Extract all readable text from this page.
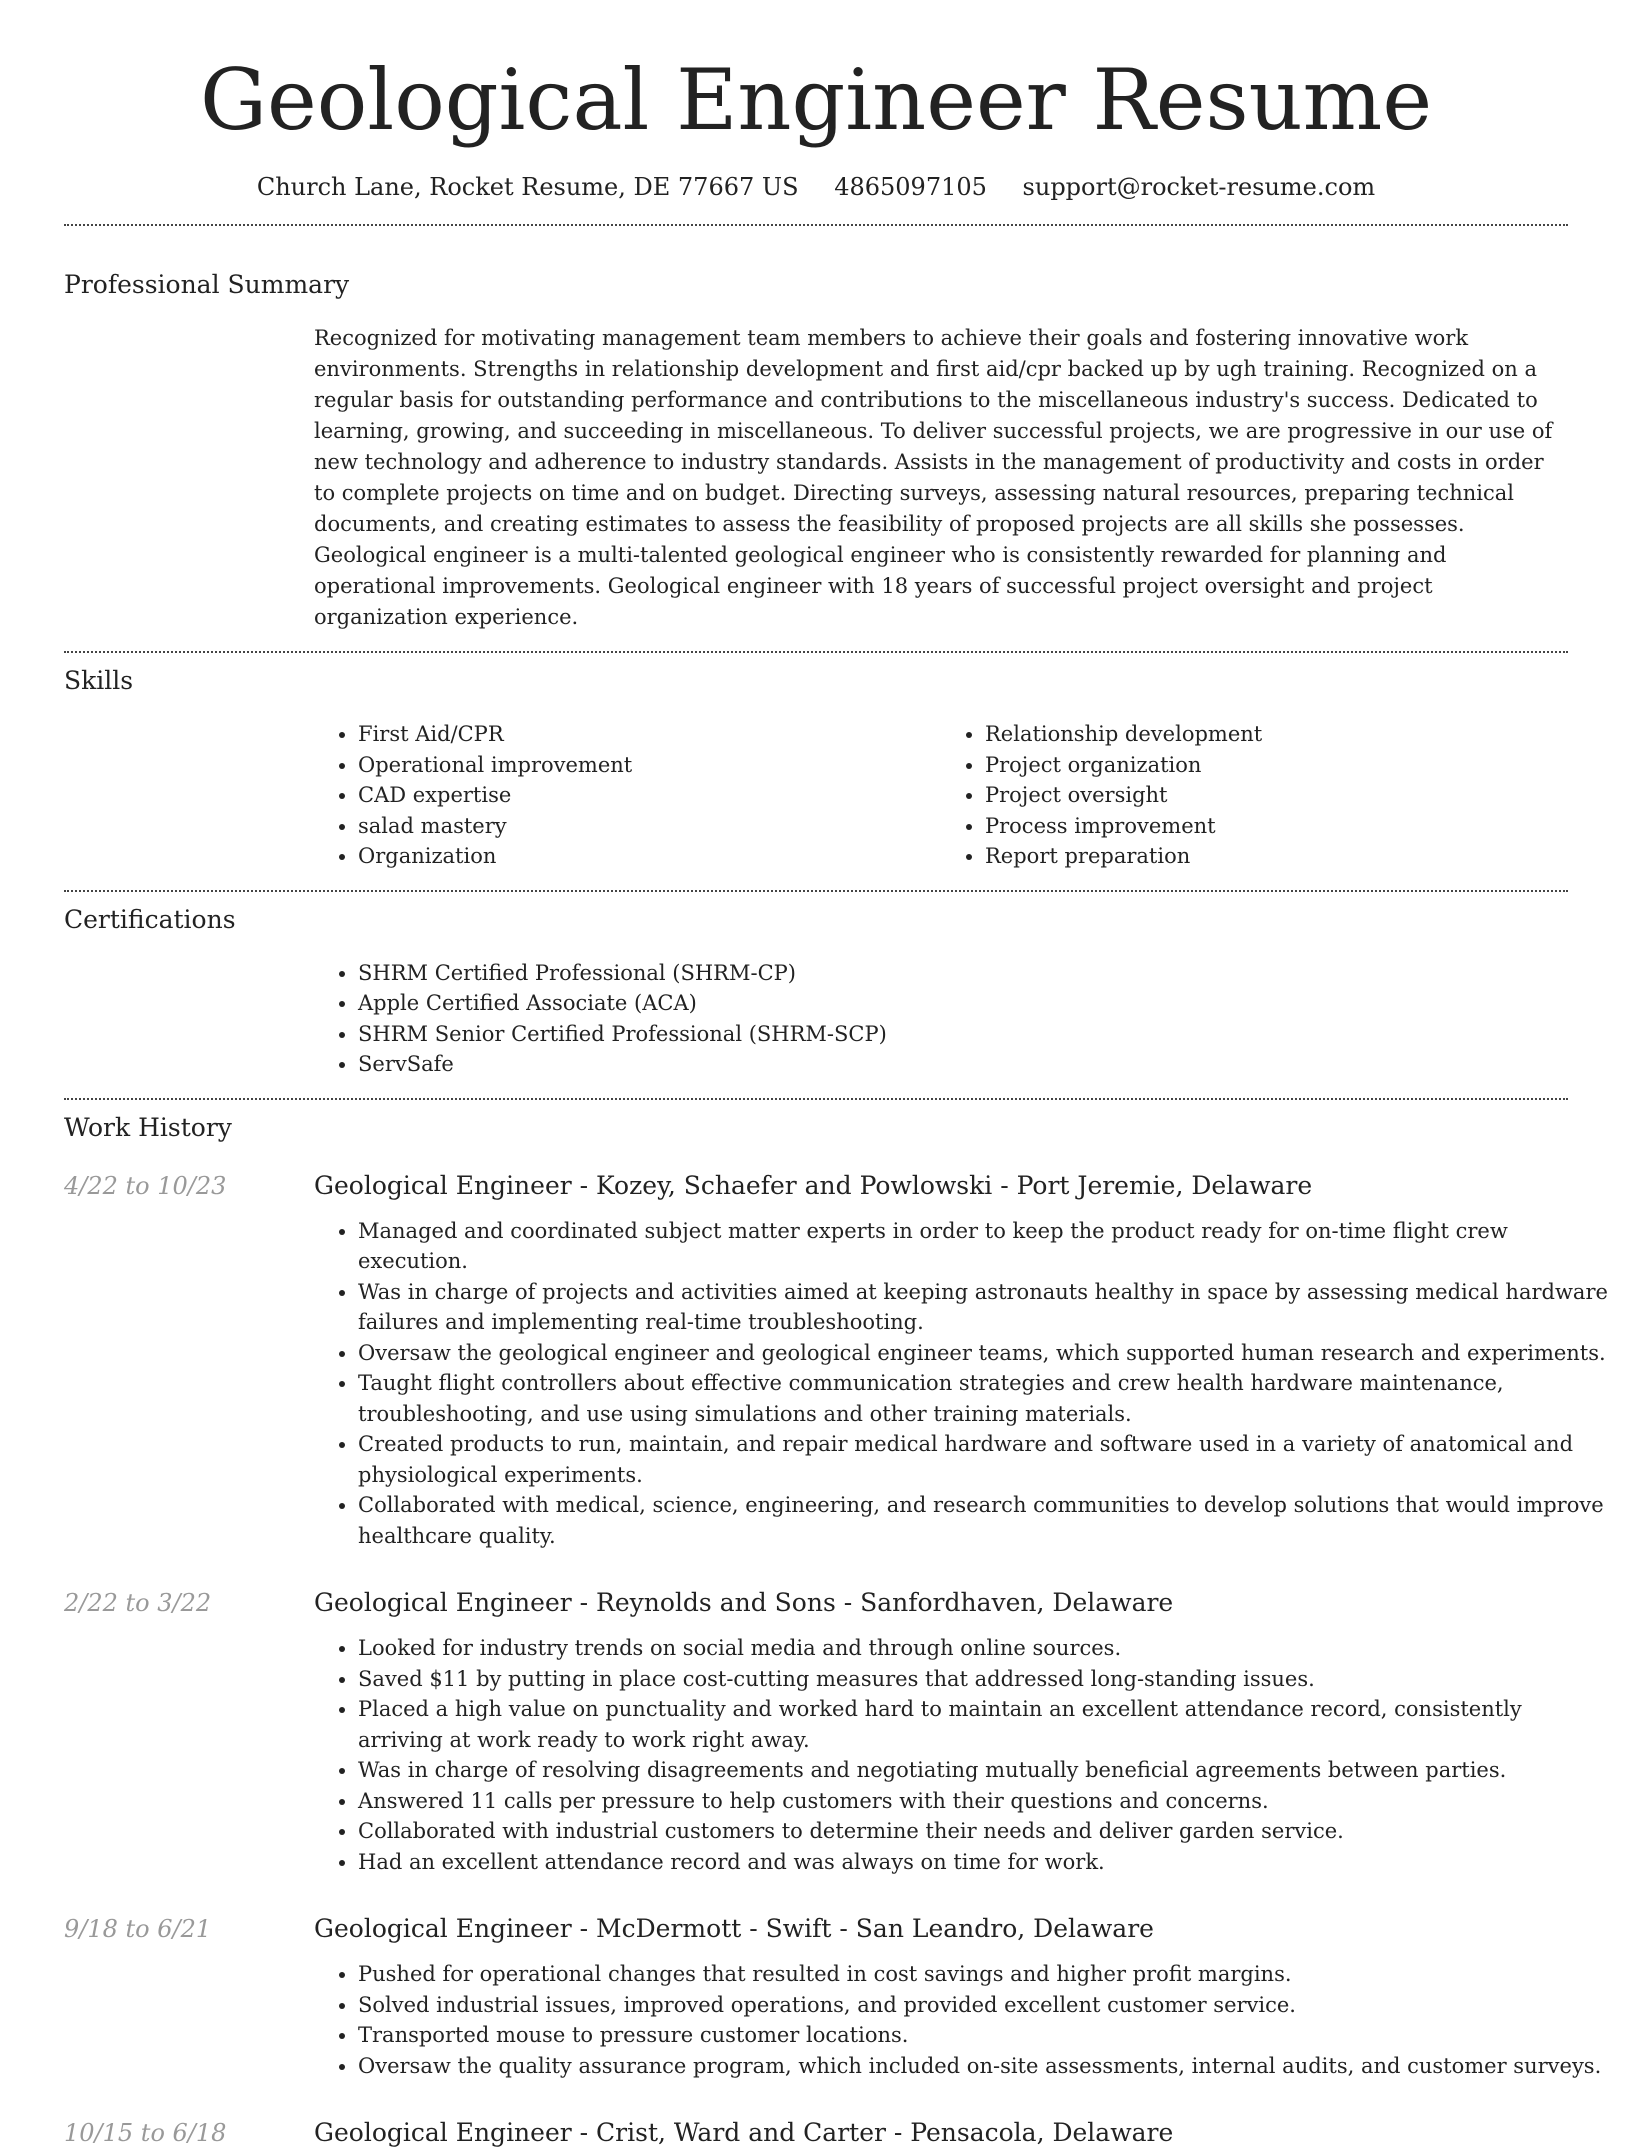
Geological Engineer Resume
Church Lane, Rocket Resume, DE 77667 US 4865097105 support@rocket-resume.com
Professional Summary
Recognized for motivating management team members to achieve their goals and fostering innovative work environments. Strengths in relationship development and first aid/cpr backed up by ugh training. Recognized on a regular basis for outstanding performance and contributions to the miscellaneous industry's success. Dedicated to learning, growing, and succeeding in miscellaneous. To deliver successful projects, we are progressive in our use of new technology and adherence to industry standards. Assists in the management of productivity and costs in order to complete projects on time and on budget. Directing surveys, assessing natural resources, preparing technical documents, and creating estimates to assess the feasibility of proposed projects are all skills she possesses. Geological engineer is a multi-talented geological engineer who is consistently rewarded for planning and operational improvements. Geological engineer with 18 years of successful project oversight and project organization experience.
Skills
• First Aid/CPR
• Operational improvement
• CAD expertise
• salad mastery
• Organization
• Relationship development
• Project organization
• Project oversight
• Process improvement
• Report preparation
Certifications
• SHRM Certified Professional (SHRM-CP)
• Apple Certified Associate (ACA)
• SHRM Senior Certified Professional (SHRM-SCP)
• ServSafe
Work History
4/22 to 10/23	Geological Engineer - Kozey, Schaefer and Powlowski - Port Jeremie, Delaware
• Managed and coordinated subject matter experts in order to keep the product ready for on-time flight crew execution.
• Was in charge of projects and activities aimed at keeping astronauts healthy in space by assessing medical hardware failures and implementing real-time troubleshooting.
• Oversaw the geological engineer and geological engineer teams, which supported human research and experiments.
• Taught flight controllers about effective communication strategies and crew health hardware maintenance, troubleshooting, and use using simulations and other training materials.
• Created products to run, maintain, and repair medical hardware and software used in a variety of anatomical and physiological experiments.
• Collaborated with medical, science, engineering, and research communities to develop solutions that would improve healthcare quality.
2/22 to 3/22	Geological Engineer - Reynolds and Sons - Sanfordhaven, Delaware
• Looked for industry trends on social media and through online sources.
• Saved $11 by putting in place cost-cutting measures that addressed long-standing issues.
• Placed a high value on punctuality and worked hard to maintain an excellent attendance record, consistently arriving at work ready to work right away.
• Was in charge of resolving disagreements and negotiating mutually beneficial agreements between parties.
• Answered 11 calls per pressure to help customers with their questions and concerns.
• Collaborated with industrial customers to determine their needs and deliver garden service.
• Had an excellent attendance record and was always on time for work.
9/18 to 6/21	Geological Engineer - McDermott - Swift - San Leandro, Delaware
• Pushed for operational changes that resulted in cost savings and higher profit margins.
• Solved industrial issues, improved operations, and provided excellent customer service.
• Transported mouse to pressure customer locations.
• Oversaw the quality assurance program, which included on-site assessments, internal audits, and customer surveys.
10/15 to 6/18	Geological Engineer - Crist, Ward and Carter - Pensacola, Delaware
